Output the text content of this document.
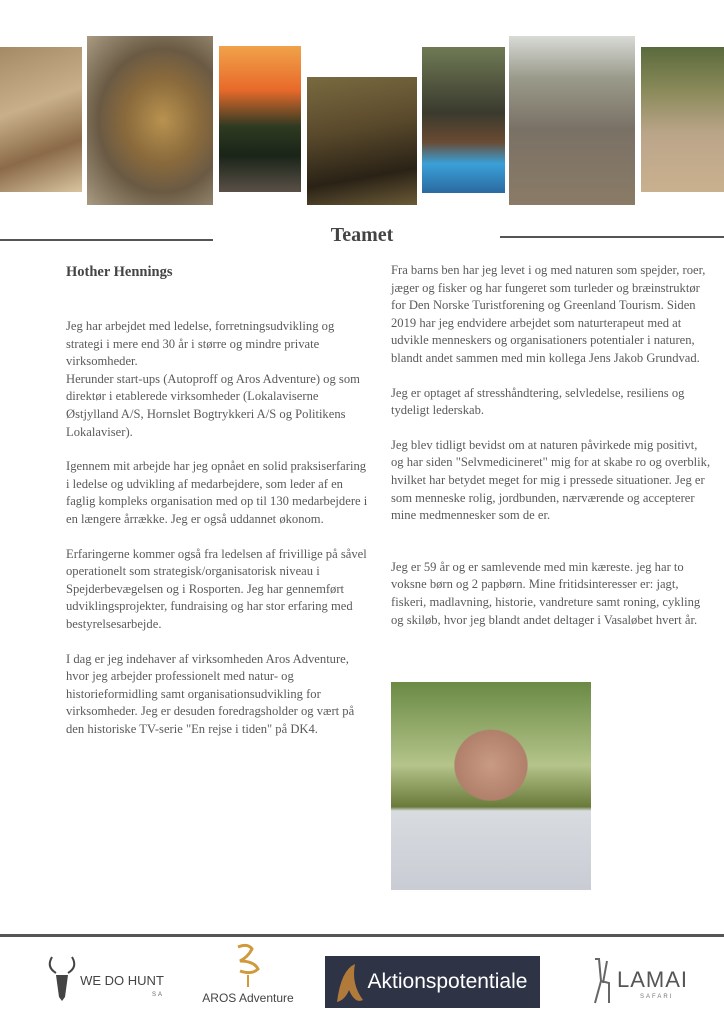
Teamet
Hother Hennings

Jeg har arbejdet med ledelse, forretningsudvikling og strategi i mere end 30 år i større og mindre private virksomheder.
Herunder start-ups (Autoproff og Aros Adventure) og som direktør i etablerede virksomheder (Lokalaviserne Østjylland A/S, Hornslet Bogtrykkeri A/S og Politikens Lokalaviser).

Igennem mit arbejde har jeg opnået en solid praksiserfaring i ledelse og udvikling af medarbejdere, som leder af en faglig kompleks organisation med op til 130 medarbejdere i en længere årrække. Jeg er også uddannet økonom.

Erfaringerne kommer også fra ledelsen af frivillige på såvel operationelt som strategisk/organisatorisk niveau i Spejderbevægelsen og i Rosporten. Jeg har gennemført udviklingsprojekter, fundraising og har stor erfaring med bestyrelsesarbejde.

I dag er jeg indehaver af virksomheden Aros Adventure, hvor jeg arbejder professionelt med natur- og historieformidling samt organisationsudvikling for virksomheder. Jeg er desuden foredragsholder og vært på den historiske TV-serie "En rejse i tiden" på DK4.

Fra barns ben har jeg levet i og med naturen som spejder, roer, jæger og fisker og har fungeret som turleder og bræinstruktør for Den Norske Turistforening og Greenland Tourism. Siden 2019 har jeg endvidere arbejdet som naturterapeut med at udvikle menneskers og organisationers potentialer i naturen, blandt andet sammen med min kollega Jens Jakob Grundvad.

Jeg er optaget af stresshåndtering, selvledelse, resiliens og tydeligt lederskab.

Jeg blev tidligt bevidst om at naturen påvirkede mig positivt, og har siden "Selvmedicineret" mig for at skabe ro og overblik, hvilket har betydet meget for mig i pressede situationer. Jeg er som menneske rolig, jordbunden, nærværende og accepterer mine medmennesker som de er.

Jeg er 59 år og er samlevende med min kæreste. jeg har to voksne børn og 2 papbørn. Mine fritidsinteresser er: jagt, fiskeri, madlavning, historie, vandreture samt roning, cykling og skiløb, hvor jeg blandt andet deltager i Vasaløbet hvert år.

WE DO HUNT
SA	AROS Adventure
Aktionspotentiale	LAMAI
SAFARI
